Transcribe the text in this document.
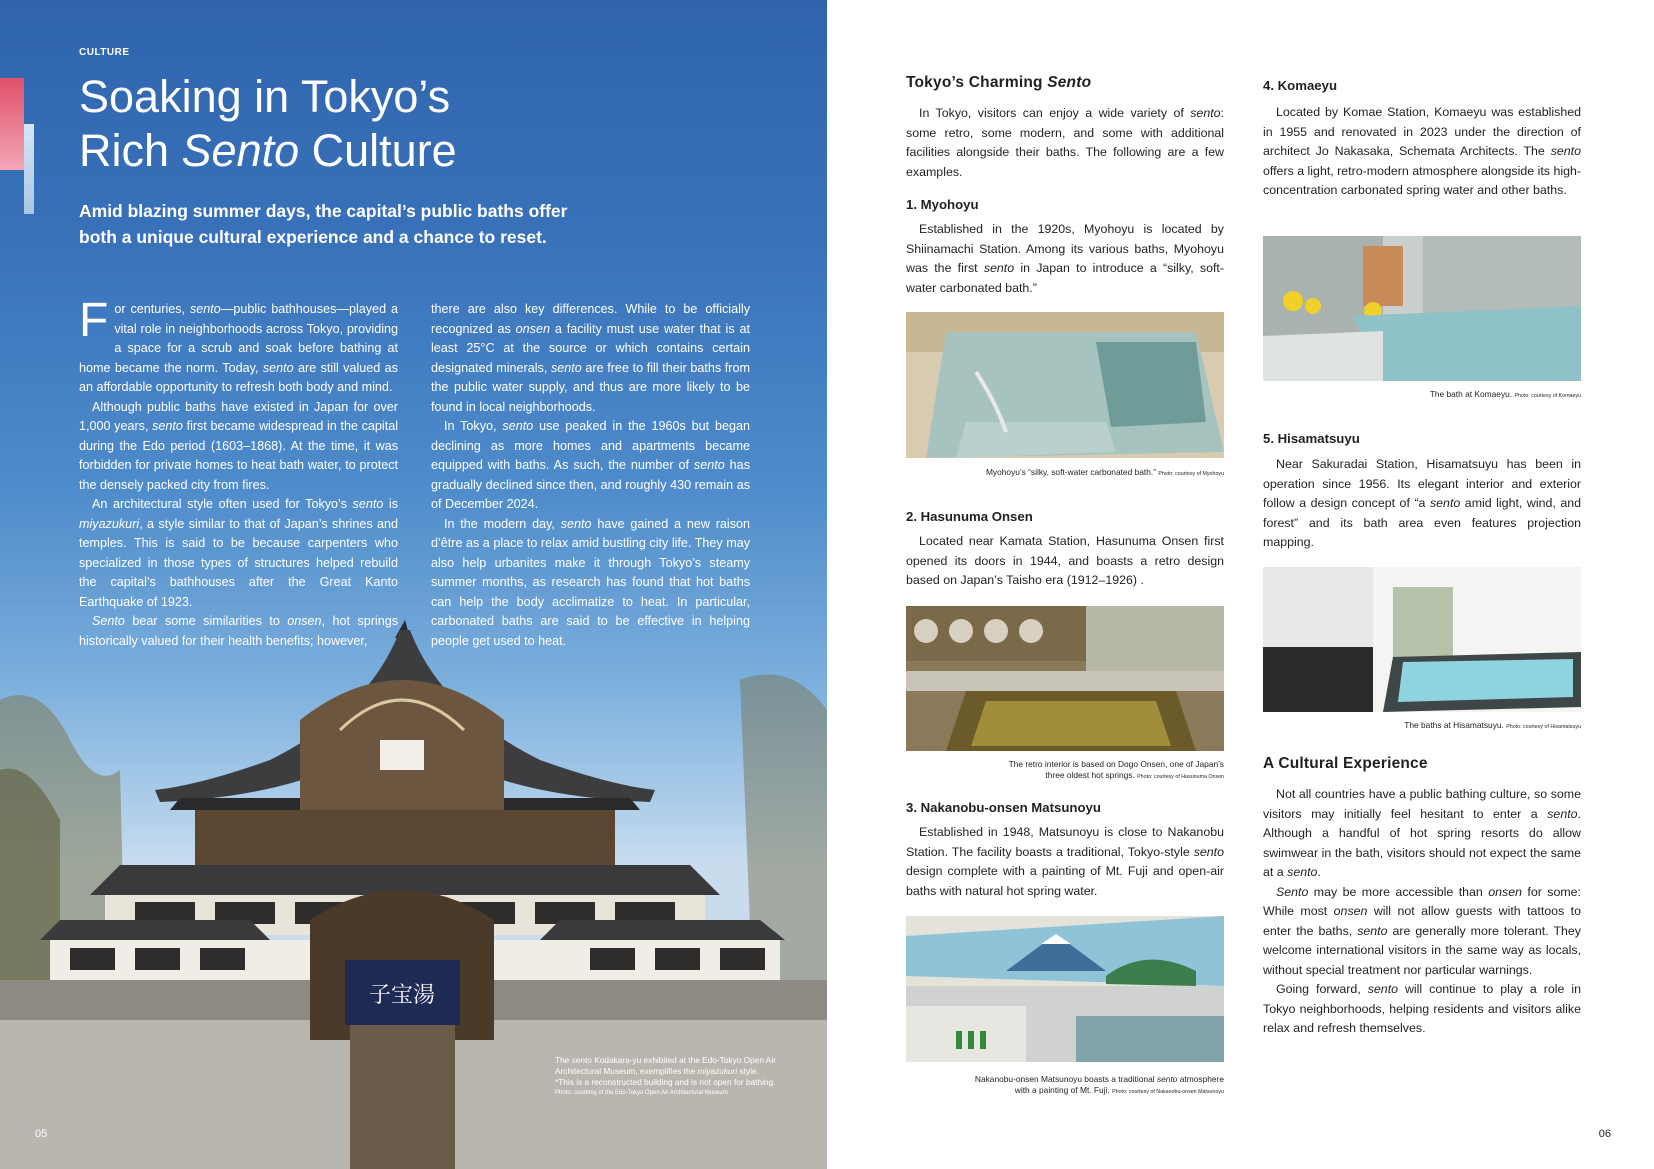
CULTURE
Soaking in Tokyo’s
Rich Sento Culture
Amid blazing summer days, the capital’s public baths offer both a unique cultural experience and a chance to reset.

For centuries, sento—public bathhouses—played a vital role in neighborhoods across Tokyo, providing a space for a scrub and soak before bathing at home became the norm. Today, sento are still valued as an affordable opportunity to refresh both body and mind.

Although public baths have existed in Japan for over 1,000 years, sento first became widespread in the capital during the Edo period (1603–1868). At the time, it was forbidden for private homes to heat bath water, to protect the densely packed city from fires.

An architectural style often used for Tokyo’s sento is miyazukuri, a style similar to that of Japan’s shrines and temples. This is said to be because carpenters who specialized in those types of structures helped rebuild the capital’s bathhouses after the Great Kanto Earthquake of 1923.

Sento bear some similarities to onsen, hot springs historically valued for their health benefits; however,

there are also key differences. While to be officially recognized as onsen a facility must use water that is at least 25°C at the source or which contains certain designated minerals, sento are free to fill their baths from the public water supply, and thus are more likely to be found in local neighborhoods.

In Tokyo, sento use peaked in the 1960s but began declining as more homes and apartments became equipped with baths. As such, the number of sento has gradually declined since then, and roughly 430 remain as of December 2024.

In the modern day, sento have gained a new raison d’être as a place to relax amid bustling city life. They may also help urbanites make it through Tokyo’s steamy summer months, as research has found that hot baths can help the body acclimatize to heat. In particular, carbonated baths are said to be effective in helping people get used to heat.

子宝湯
The sento Kodakara-yu exhibited at the Edo-Tokyo Open Air Architectural Museum, exemplifies the miyazukuri style.
*This is a reconstructed building and is not open for bathing.
Photo: courtesy of the Edo-Tokyo Open Air Architectural Museum
05
Tokyo’s Charming Sento

In Tokyo, visitors can enjoy a wide variety of sento: some retro, some modern, and some with additional facilities alongside their baths. The following are a few examples.

1. Myohoyu

Established in the 1920s, Myohoyu is located by Shiinamachi Station. Among its various baths, Myohoyu was the first sento in Japan to introduce a “silky, soft-water carbonated bath.”

Myohoyu’s “silky, soft-water carbonated bath.” Photo: courtesy of Myohoyu
2. Hasunuma Onsen

Located near Kamata Station, Hasunuma Onsen first opened its doors in 1944, and boasts a retro design based on Japan’s Taisho era (1912–1926) .

The retro interior is based on Dogo Onsen, one of Japan’s
three oldest hot springs. Photo: courtesy of Hasunuma Onsen
3. Nakanobu-onsen Matsunoyu

Established in 1948, Matsunoyu is close to Nakanobu Station. The facility boasts a traditional, Tokyo-style sento design complete with a painting of Mt. Fuji and open-air baths with natural hot spring water.

Nakanobu-onsen Matsunoyu boasts a traditional sento atmosphere
with a painting of Mt. Fuji. Photo: courtesy of Nakanobu-onsen Matsunoyu
4. Komaeyu

Located by Komae Station, Komaeyu was established in 1955 and renovated in 2023 under the direction of architect Jo Nakasaka, Schemata Architects. The sento offers a light, retro-modern atmosphere alongside its high-concentration carbonated spring water and other baths.

The bath at Komaeyu. Photo: courtesy of Komaeyu
5. Hisamatsuyu

Near Sakuradai Station, Hisamatsuyu has been in operation since 1956. Its elegant interior and exterior follow a design concept of “a sento amid light, wind, and forest” and its bath area even features projection mapping.

The baths at Hisamatsuyu. Photo: courtesy of Hisamatsuyu
A Cultural Experience

Not all countries have a public bathing culture, so some visitors may initially feel hesitant to enter a sento. Although a handful of hot spring resorts do allow swimwear in the bath, visitors should not expect the same at a sento.

Sento may be more accessible than onsen for some: While most onsen will not allow guests with tattoos to enter the baths, sento are generally more tolerant. They welcome international visitors in the same way as locals, without special treatment nor particular warnings.

Going forward, sento will continue to play a role in Tokyo neighborhoods, helping residents and visitors alike relax and refresh themselves.

06
